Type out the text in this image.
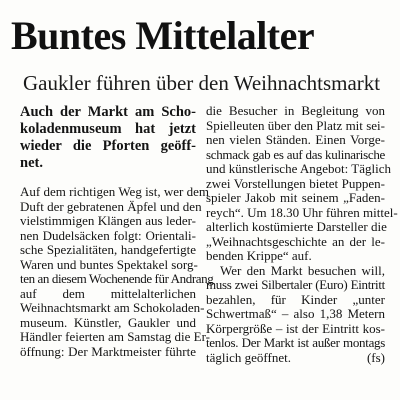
Buntes Mittelalter
Gaukler führen über den Weihnachtsmarkt
Auch der Markt am Scho-
koladenmuseum hat jetzt
wieder die Pforten geöff-
net.
Auf dem richtigen Weg ist, wer dem
Duft der gebratenen Äpfel und den
vielstimmigen Klängen aus leder-
nen Dudelsäcken folgt: Orientali-
sche Spezialitäten, handgefertigte
Waren und buntes Spektakel sorg-
ten an diesem Wochenende für Andrang
auf dem mittelalterlichen
Weihnachtsmarkt am Schokoladen-
museum. Künstler, Gaukler und
Händler feierten am Samstag die Er-
öffnung: Der Marktmeister führte
die Besucher in Begleitung von
Spielleuten über den Platz mit sei-
nen vielen Ständen. Einen Vorge-
schmack gab es auf das kulinarische
und künstlerische Angebot: Täglich
zwei Vorstellungen bietet Puppen-
spieler Jakob mit seinem „Faden-
reych“. Um 18.30 Uhr führen mittel-
alterlich kostümierte Darsteller die
„Weihnachtsgeschichte an der le-
benden Krippe“ auf.
Wer den Markt besuchen will,
muss zwei Silbertaler (Euro) Eintritt
bezahlen, für Kinder „unter
Schwertmaß“ – also 1,38 Metern
Körpergröße – ist der Eintritt kos-
tenlos. Der Markt ist außer montags
täglich geöffnet.	(fs)
